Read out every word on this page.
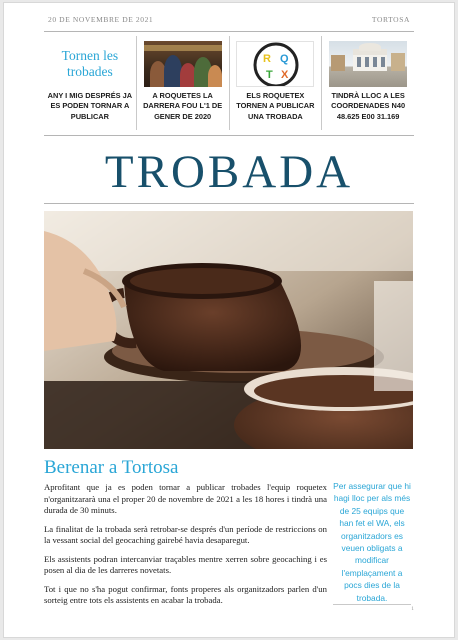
20 DE NOVEMBRE DE 2021	TORTOSA
Tornen les trobades
ANY I MIG DESPRÉS JA ES PODEN TORNAR A PUBLICAR
A ROQUETES LA DARRERA FOU L'1 DE GENER DE 2020
R Q
T X
ELS ROQUETEX TORNEN A PUBLICAR UNA TROBADA
TINDRÀ LLOC A LES COORDENADES N40 48.625 E00 31.169
TROBADA
Berenar a Tortosa

Aprofitant que ja es poden tornar a publicar trobades l'equip roquetex n'organitzararà una el proper 20 de novembre de 2021 a les 18 hores i tindrà una durada de 30 minuts.

La finalitat de la trobada serà retrobar-se després d'un període de restriccions on la vessant social del geocaching gairebé havia desaparegut.

Els assistents podran intercanviar traçables mentre xerren sobre geocaching i es posen al dia de les darreres novetats.

Tot i que no s'ha pogut confirmar, fonts properes als organitzadors parlen d'un sorteig entre tots els assistents en acabar la trobada.

Per assegurar que hi hagi lloc per als més de 25 equips que han fet el WA, els organitzadors es veuen obligats a modificar l'emplaçament a pocs dies de la trobada.
1
